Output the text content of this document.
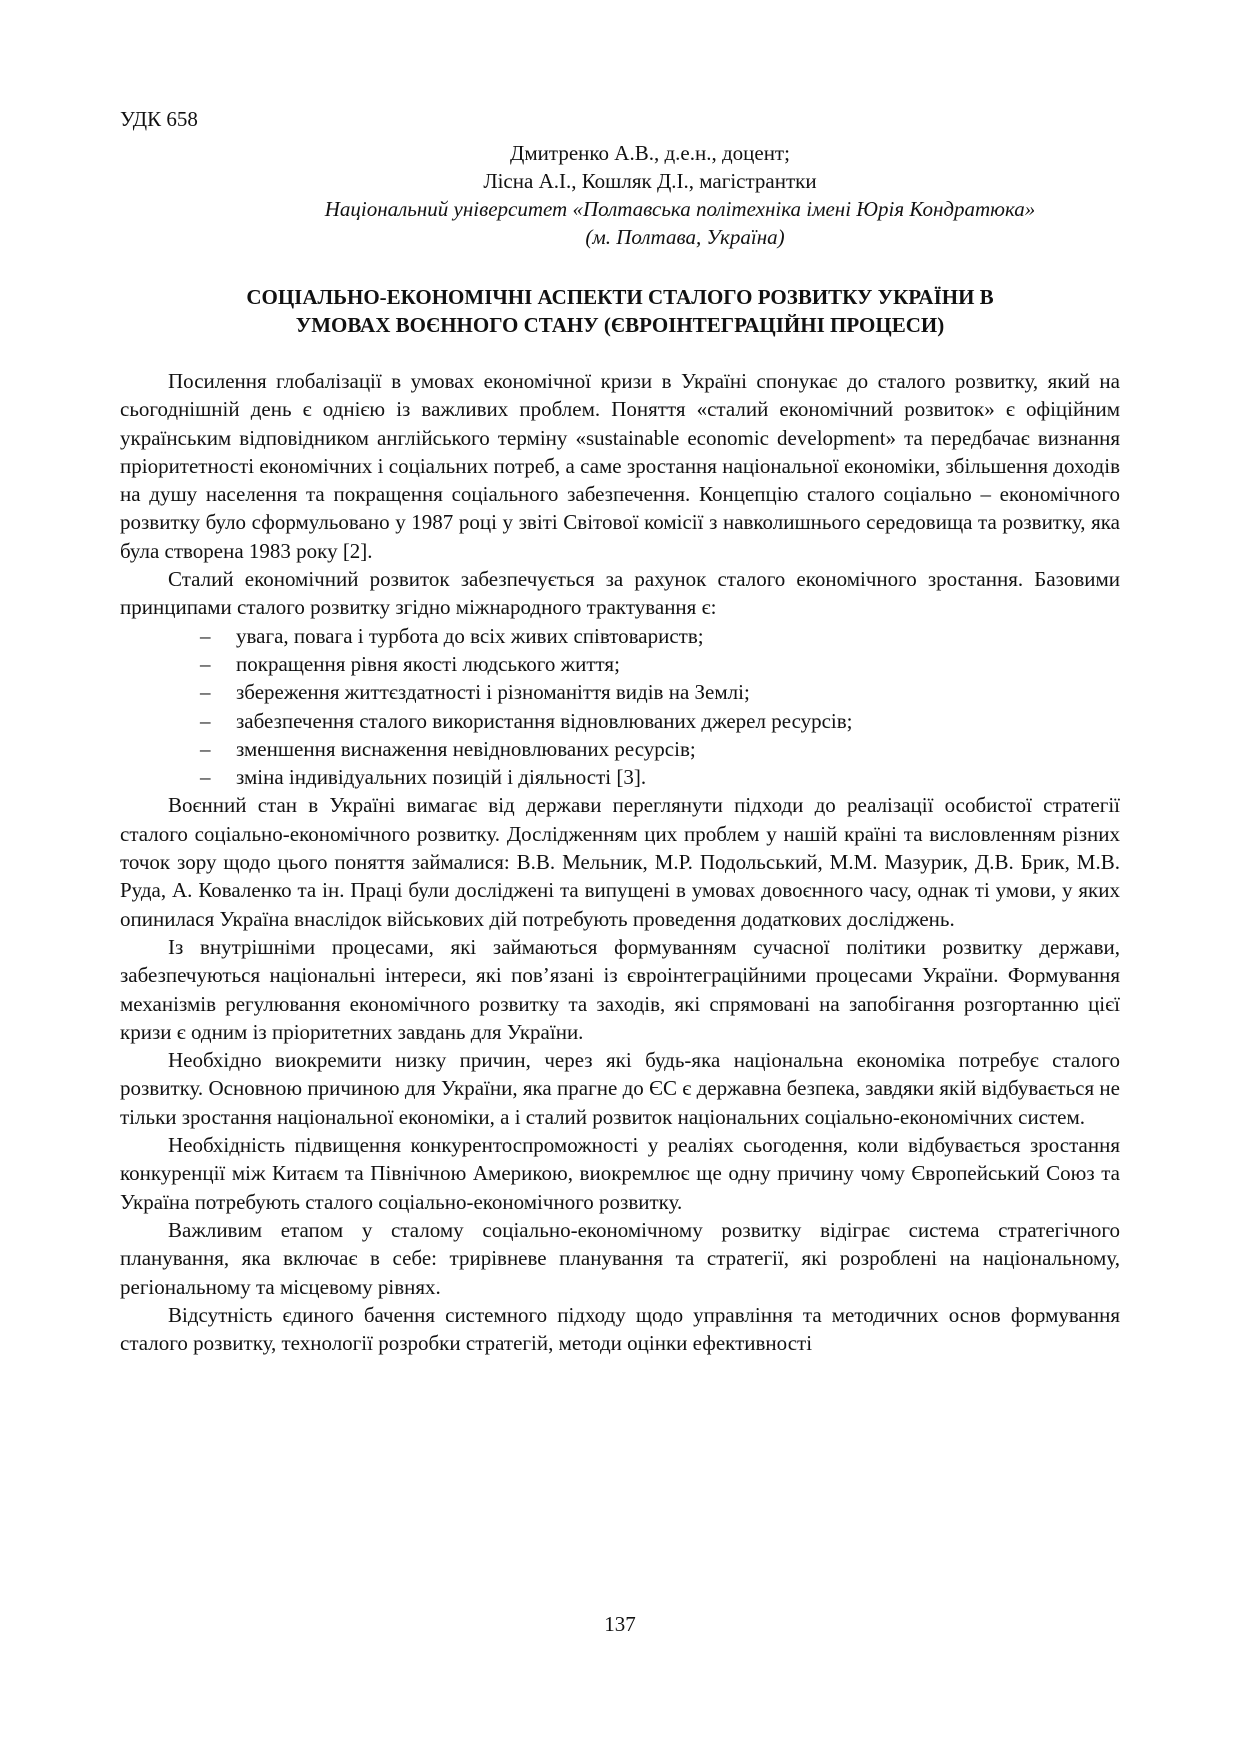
УДК 658

Дмитренко А.В., д.е.н., доцент;
Лісна А.І., Кошляк Д.І., магістрантки
Національний університет «Полтавська політехніка імені Юрія Кондратюка»
(м. Полтава, Україна)
СОЦІАЛЬНО-ЕКОНОМІЧНІ АСПЕКТИ СТАЛОГО РОЗВИТКУ УКРАЇНИ В
УМОВАХ ВОЄННОГО СТАНУ (ЄВРОІНТЕГРАЦІЙНІ ПРОЦЕСИ)

Посилення глобалізації в умовах економічної кризи в Україні спонукає до сталого розвитку, який на сьогоднішній день є однією із важливих проблем. Поняття «сталий економічний розвиток» є офіційним українським відповідником англійського терміну «sustainable economic development» та передбачає визнання пріоритетності економічних і соціальних потреб, а саме зростання національної економіки, збільшення доходів на душу населення та покращення соціального забезпечення. Концепцію сталого соціально – економічного розвитку було сформульовано у 1987 році у звіті Світової комісії з навколишнього середовища та розвитку, яка була створена 1983 року [2].

Сталий економічний розвиток забезпечується за рахунок сталого економічного зростання. Базовими принципами сталого розвитку згідно міжнародного трактування є:

– увага, повага і турбота до всіх живих співтовариств;
– покращення рівня якості людського життя;
– збереження життєздатності і різноманіття видів на Землі;
– забезпечення сталого використання відновлюваних джерел ресурсів;
– зменшення виснаження невідновлюваних ресурсів;
– зміна індивідуальних позицій і діяльності [3].

Воєнний стан в Україні вимагає від держави переглянути підходи до реалізації особистої стратегії сталого соціально-економічного розвитку. Дослідженням цих проблем у нашій країні та висловленням різних точок зору щодо цього поняття займалися: В.В. Мельник, М.Р. Подольський, М.М. Мазурик, Д.В. Брик, М.В. Руда, А. Коваленко та ін. Праці були досліджені та випущені в умовах довоєнного часу, однак ті умови, у яких опинилася Україна внаслідок військових дій потребують проведення додаткових досліджень.

Із внутрішніми процесами, які займаються формуванням сучасної політики розвитку держави, забезпечуються національні інтереси, які пов’язані із євроінтеграційними процесами України. Формування механізмів регулювання економічного розвитку та заходів, які спрямовані на запобігання розгортанню цієї кризи є одним із пріоритетних завдань для України.

Необхідно виокремити низку причин, через які будь-яка національна економіка потребує сталого розвитку. Основною причиною для України, яка прагне до ЄС є державна безпека, завдяки якій відбувається не тільки зростання національної економіки, а і сталий розвиток національних соціально-економічних систем.

Необхідність підвищення конкурентоспроможності у реаліях сьогодення, коли відбувається зростання конкуренції між Китаєм та Північною Америкою, виокремлює ще одну причину чому Європейський Союз та Україна потребують сталого соціально-економічного розвитку.

Важливим етапом у сталому соціально-економічному розвитку відіграє система стратегічного планування, яка включає в себе: трирівневе планування та стратегії, які розроблені на національному, регіональному та місцевому рівнях.

Відсутність єдиного бачення системного підходу щодо управління та методичних основ формування сталого розвитку, технології розробки стратегій, методи оцінки ефективності

137
